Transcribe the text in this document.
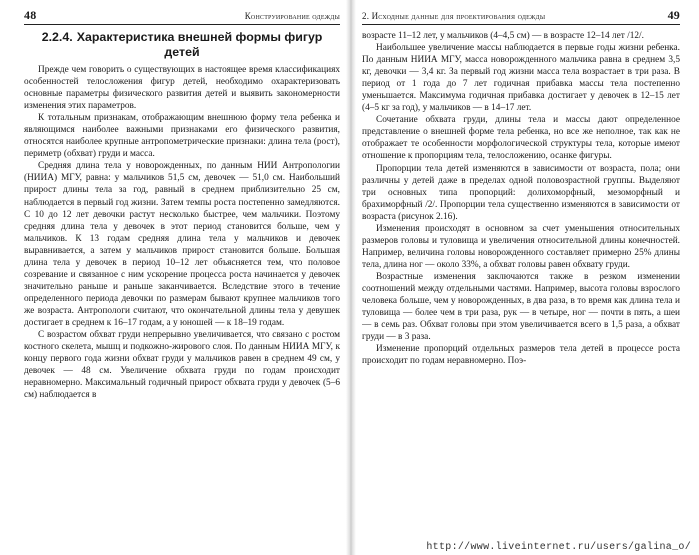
48	Конструирование одежды
2.2.4. Характеристика внешней формы фигур детей

Прежде чем говорить о существующих в настоящее время классификациях особенностей телосложения фигур детей, необходимо охарактеризовать основные параметры физического развития детей и выявить закономерности изменения этих параметров.

К тотальным признакам, отображающим внешнюю форму тела ребенка и являющимся наиболее важными признаками его физического развития, относятся наиболее крупные антропометрические признаки: длина тела (рост), периметр (обхват) груди и масса.

Средняя длина тела у новорожденных, по данным НИИ Антропологии (НИИА) МГУ, равна: у мальчиков 51,5 см, девочек — 51,0 см. Наибольший прирост длины тела за год, равный в среднем приблизительно 25 см, наблюдается в первый год жизни. Затем темпы роста постепенно замедляются. С 10 до 12 лет девочки растут несколько быстрее, чем мальчики. Поэтому средняя длина тела у девочек в этот период становится больше, чем у мальчиков. К 13 годам средняя длина тела у мальчиков и девочек выравнивается, а затем у мальчиков прирост становится больше. Большая длина тела у девочек в период 10–12 лет объясняется тем, что половое созревание и связанное с ним ускорение процесса роста начинается у девочек значительно раньше и раньше заканчивается. Вследствие этого в течение определенного периода девочки по размерам бывают крупнее мальчиков того же возраста. Антропологи считают, что окончательной длины тела у девушек достигает в среднем к 16–17 годам, а у юношей — к 18–19 годам.

С возрастом обхват груди непрерывно увеличивается, что связано с ростом костного скелета, мышц и подкожно-жирового слоя. По данным НИИА МГУ, к концу первого года жизни обхват груди у мальчиков равен в среднем 49 см, у девочек — 48 см. Увеличение обхвата груди по годам происходит неравномерно. Максимальный годичный прирост обхвата груди у девочек (5–6 см) наблюдается в

2. Исходные данные для проектирования одежды	49

возрасте 11–12 лет, у мальчиков (4–4,5 см) — в возрасте 12–14 лет /12/.

Наибольшее увеличение массы наблюдается в первые годы жизни ребенка. По данным НИИА МГУ, масса новорожденного мальчика равна в среднем 3,5 кг, девочки — 3,4 кг. За первый год жизни масса тела возрастает в три раза. В период от 1 года до 7 лет годичная прибавка массы тела постепенно уменьшается. Максимума годичная прибавка достигает у девочек в 12–15 лет (4–5 кг за год), у мальчиков — в 14–17 лет.

Сочетание обхвата груди, длины тела и массы дают определенное представление о внешней форме тела ребенка, но все же неполное, так как не отображает те особенности морфологической структуры тела, которые имеют отношение к пропорциям тела, телосложению, осанке фигуры.

Пропорции тела детей изменяются в зависимости от возраста, пола; они различны у детей даже в пределах одной половозрастной группы. Выделяют три основных типа пропорций: долихоморфный, мезоморфный и брахиморфный /2/. Пропорции тела существенно изменяются в зависимости от возраста (рисунок 2.16).

Изменения происходят в основном за счет уменьшения относительных размеров головы и туловища и увеличения относительной длины конечностей. Например, величина головы новорожденного составляет примерно 25% длины тела, длина ног — около 33%, а обхват головы равен обхвату груди.

Возрастные изменения заключаются также в резком изменении соотношений между отдельными частями. Например, высота головы взрослого человека больше, чем у новорожденных, в два раза, в то время как длина тела и туловища — более чем в три раза, рук — в четыре, ног — почти в пять, а шеи — в семь раз. Обхват головы при этом увеличивается всего в 1,5 раза, а обхват груди — в 3 раза.

Изменение пропорций отдельных размеров тела детей в процессе роста происходит по годам неравномерно. Поэ-

http://www.liveinternet.ru/users/galina_o/
